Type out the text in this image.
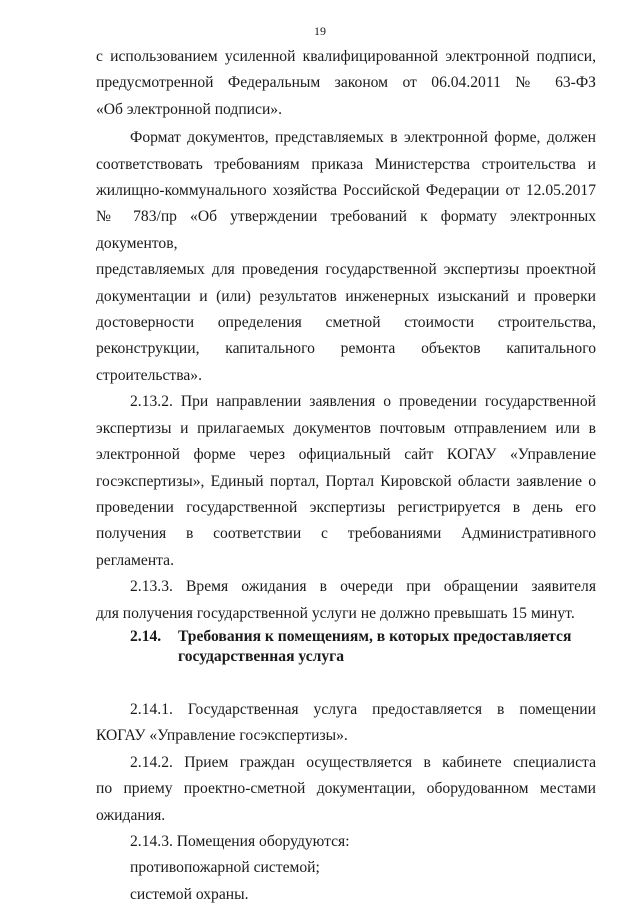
19

с использованием усиленной квалифицированной электронной подписи,

предусмотренной Федеральным законом от 06.04.2011 № 63-ФЗ

«Об электронной подписи».

Формат документов, представляемых в электронной форме, должен

соответствовать требованиям приказа Министерства строительства и

жилищно-коммунального хозяйства Российской Федерации от 12.05.2017

№ 783/пр «Об утверждении требований к формату электронных документов,

представляемых для проведения государственной экспертизы проектной

документации и (или) результатов инженерных изысканий и проверки

достоверности определения сметной стоимости строительства,

реконструкции, капитального ремонта объектов капитального

строительства».

2.13.2. При направлении заявления о проведении государственной

экспертизы и прилагаемых документов почтовым отправлением или в

электронной форме через официальный сайт КОГАУ «Управление

госэкспертизы», Единый портал, Портал Кировской области заявление о

проведении государственной экспертизы регистрируется в день его

получения в соответствии с требованиями Административного регламента.

2.13.3. Время ожидания в очереди при обращении заявителя

для получения государственной услуги не должно превышать 15 минут.

2.14. Требования к помещениям, в которых предоставляется
государственная услуга

2.14.1. Государственная услуга предоставляется в помещении

КОГАУ «Управление госэкспертизы».

2.14.2. Прием граждан осуществляется в кабинете специалиста

по приему проектно-сметной документации, оборудованном местами

ожидания.

2.14.3. Помещения оборудуются:

противопожарной системой;

системой охраны.
